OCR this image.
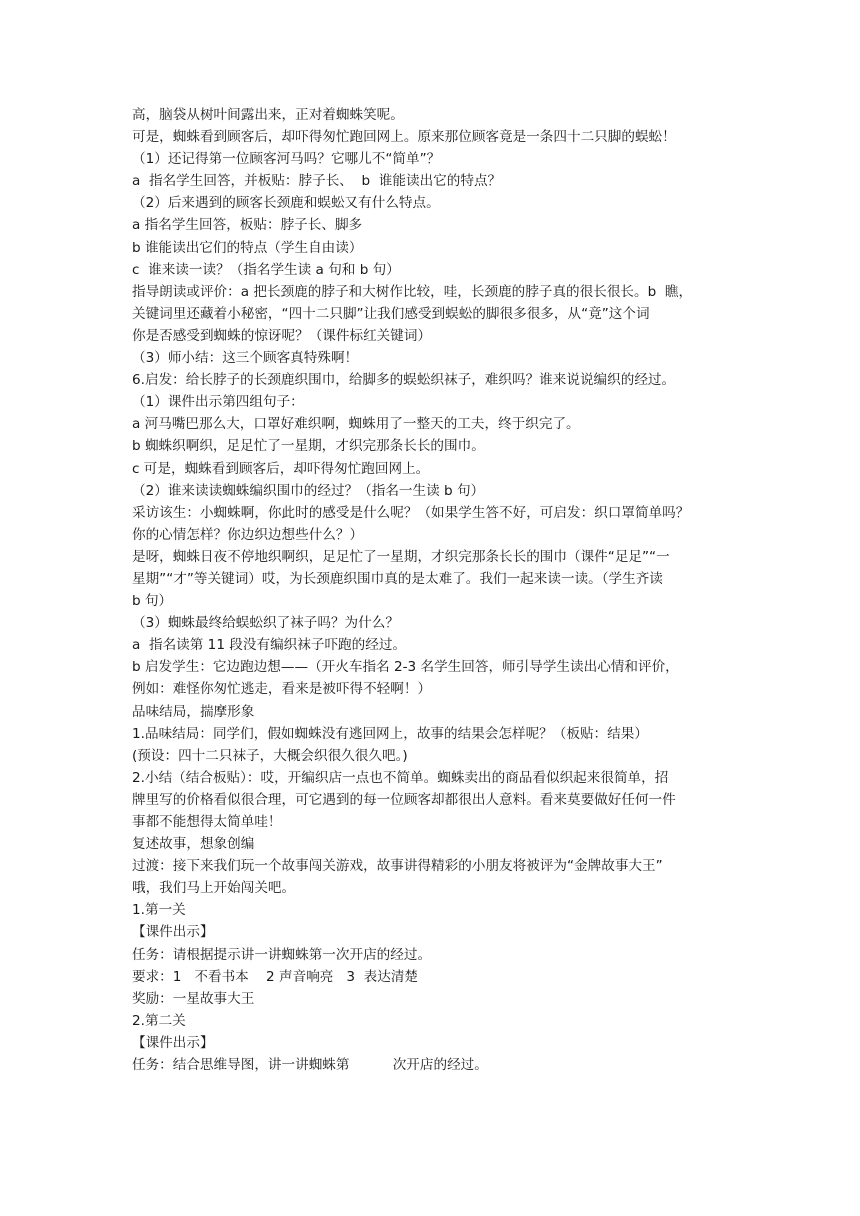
高，脑袋从树叶间露出来，正对着蜘蛛笑呢。

可是，蜘蛛看到顾客后，却吓得匆忙跑回网上。原来那位顾客竟是一条四十二只脚的蜈蚣！

（1）还记得第一位顾客河马吗？它哪儿不“简单”？

a  指名学生回答，并板贴：脖子长、  b  谁能读出它的特点？

（2）后来遇到的顾客长颈鹿和蜈蚣又有什么特点。

a 指名学生回答，板贴：脖子长、脚多

b 谁能读出它们的特点（学生自由读）

c  谁来读一读？（指名学生读 a 句和 b 句）

指导朗读或评价：a 把长颈鹿的脖子和大树作比较，哇，长颈鹿的脖子真的很长很长。b  瞧，

关键词里还藏着小秘密，“四十二只脚”让我们感受到蜈蚣的脚很多很多，从“竟”这个词

你是否感受到蜘蛛的惊讶呢？（课件标红关键词）

（3）师小结：这三个顾客真特殊啊！

6.启发：给长脖子的长颈鹿织围巾，给脚多的蜈蚣织袜子，难织吗？谁来说说编织的经过。

（1）课件出示第四组句子：

a 河马嘴巴那么大，口罩好难织啊，蜘蛛用了一整天的工夫，终于织完了。

b 蜘蛛织啊织，足足忙了一星期，才织完那条长长的围巾。

c 可是，蜘蛛看到顾客后，却吓得匆忙跑回网上。

（2）谁来读读蜘蛛编织围巾的经过？（指名一生读 b 句）

采访该生：小蜘蛛啊，你此时的感受是什么呢？（如果学生答不好，可启发：织口罩简单吗？

你的心情怎样？你边织边想些什么？）

是呀，蜘蛛日夜不停地织啊织，足足忙了一星期，才织完那条长长的围巾（课件“足足”“一

星期”“才”等关键词）哎，为长颈鹿织围巾真的是太难了。我们一起来读一读。（学生齐读

b 句）

（3）蜘蛛最终给蜈蚣织了袜子吗？为什么？

a  指名读第 11 段没有编织袜子吓跑的经过。

b 启发学生：它边跑边想——（开火车指名 2-3 名学生回答，师引导学生读出心情和评价，

例如：难怪你匆忙逃走，看来是被吓得不轻啊！）

品味结局，揣摩形象

1.品味结局：同学们，假如蜘蛛没有逃回网上，故事的结果会怎样呢？（板贴：结果）

(预设：四十二只袜子，大概会织很久很久吧。)

2.小结（结合板贴）：哎，开编织店一点也不简单。蜘蛛卖出的商品看似织起来很简单，招

牌里写的价格看似很合理，可它遇到的每一位顾客却都很出人意料。看来莫要做好任何一件

事都不能想得太简单哇！

复述故事，想象创编

过渡：接下来我们玩一个故事闯关游戏，故事讲得精彩的小朋友将被评为“金牌故事大王”

哦，我们马上开始闯关吧。

1.第一关

【课件出示】

任务：请根据提示讲一讲蜘蛛第一次开店的经过。

要求：1   不看书本    2 声音响亮   3  表达清楚

奖励：一星故事大王

2.第二关

【课件出示】

任务：结合思维导图，讲一讲蜘蛛第          次开店的经过。
